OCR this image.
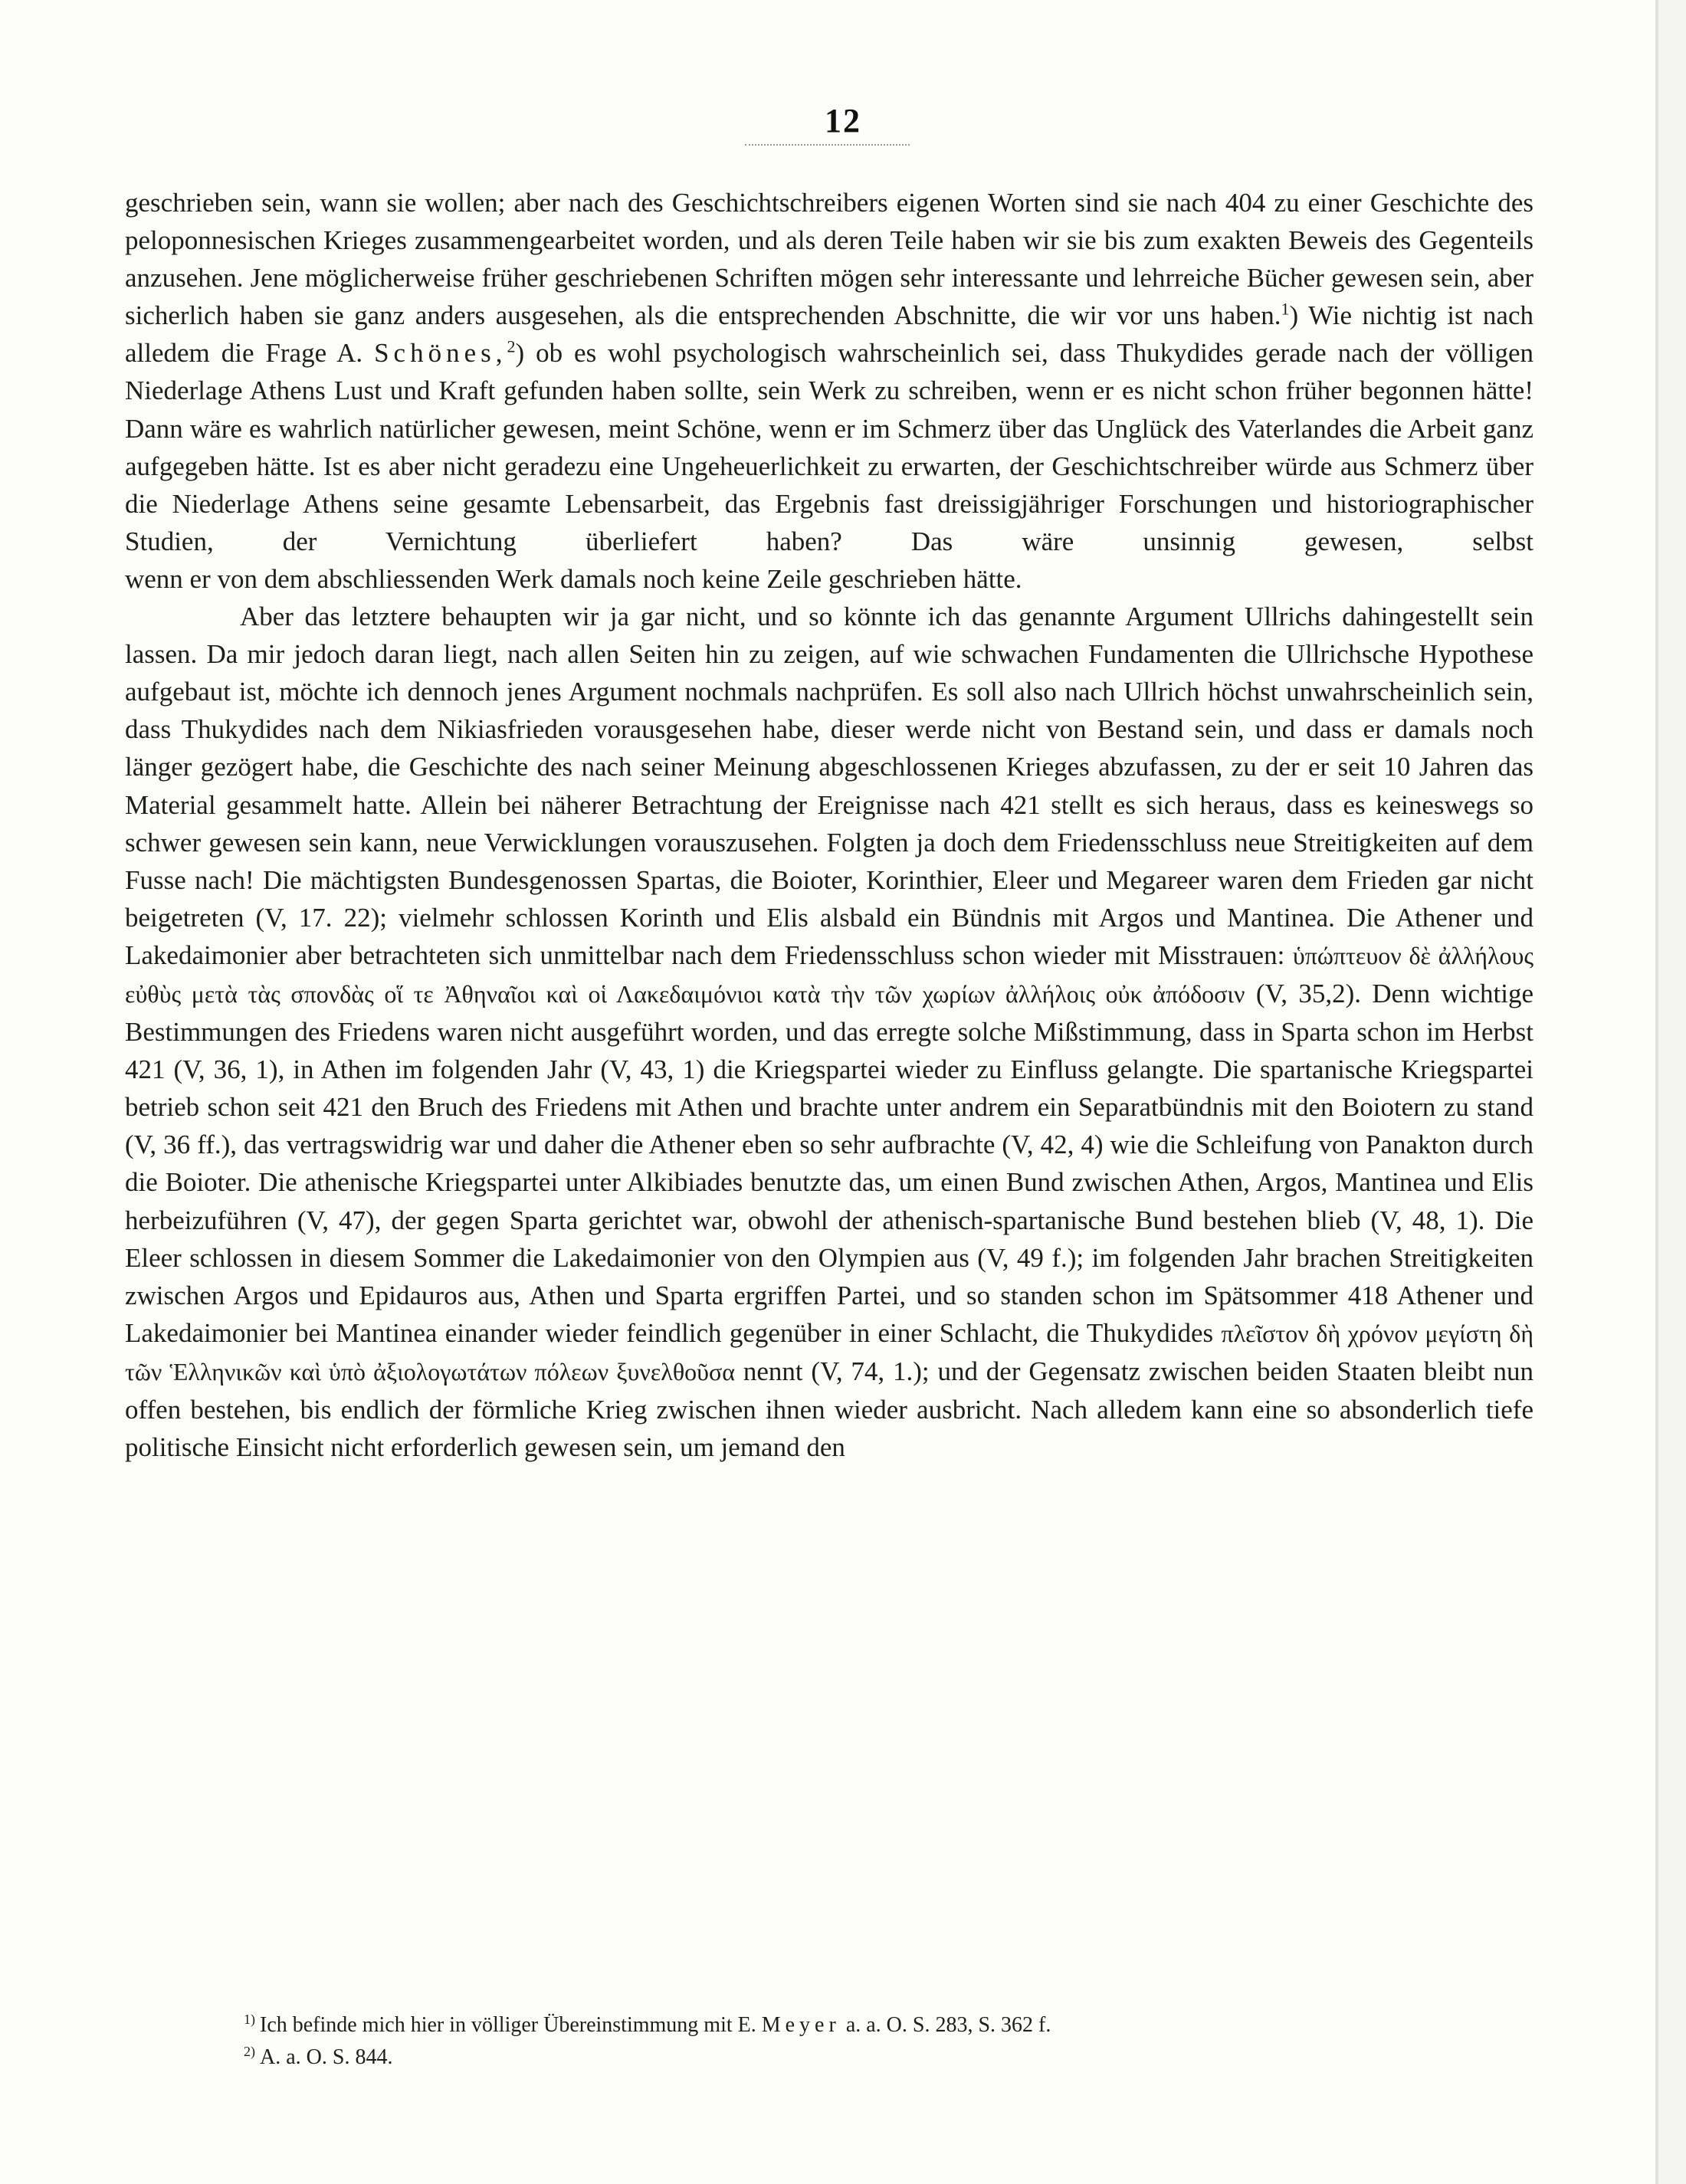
12

geschrieben sein, wann sie wollen; aber nach des Geschichtschreibers eigenen Worten sind sie nach 404 zu einer Geschichte des peloponnesischen Krieges zusammengearbeitet worden, und als deren Teile haben wir sie bis zum exakten Beweis des Gegenteils anzusehen. Jene möglicherweise früher geschriebenen Schriften mögen sehr interessante und lehrreiche Bücher gewesen sein, aber sicherlich haben sie ganz anders ausgesehen, als die entsprechenden Abschnitte, die wir vor uns haben.$^1$) Wie nichtig ist nach alledem die Frage A. Schönes,$^2$) ob es wohl psychologisch wahrscheinlich sei, dass Thukydides gerade nach der völligen Niederlage Athens Lust und Kraft gefunden haben sollte, sein Werk zu schreiben, wenn er es nicht schon früher begonnen hätte! Dann wäre es wahrlich natürlicher gewesen, meint Schöne, wenn er im Schmerz über das Unglück des Vaterlandes die Arbeit ganz aufgegeben hätte. Ist es aber nicht geradezu eine Ungeheuerlichkeit zu erwarten, der Geschichtschreiber würde aus Schmerz über die Niederlage Athens seine gesamte Lebensarbeit, das Ergebnis fast dreissigjähriger Forschungen und historiographischer Studien, der Vernichtung überliefert haben? Das wäre unsinnig gewesen, selbst
wenn er von dem abschliessenden Werk damals noch keine Zeile geschrieben hätte.

Aber das letztere behaupten wir ja gar nicht, und so könnte ich das genannte Argument Ullrichs dahingestellt sein lassen. Da mir jedoch daran liegt, nach allen Seiten hin zu zeigen, auf wie schwachen Fundamenten die Ullrichsche Hypothese aufgebaut ist, möchte ich dennoch jenes Argument nochmals nachprüfen. Es soll also nach Ullrich höchst unwahrscheinlich sein, dass Thukydides nach dem Nikiasfrieden vorausgesehen habe, dieser werde nicht von Bestand sein, und dass er damals noch länger gezögert habe, die Geschichte des nach seiner Meinung abgeschlossenen Krieges abzufassen, zu der er seit 10 Jahren das Material gesammelt hatte. Allein bei näherer Betrachtung der Ereignisse nach 421 stellt es sich heraus, dass es keineswegs so schwer gewesen sein kann, neue Verwicklungen vorauszusehen. Folgten ja doch dem Friedensschluss neue Streitigkeiten auf dem Fusse nach! Die mächtigsten Bundesgenossen Spartas, die Boioter, Korinthier, Eleer und Megareer waren dem Frieden gar nicht beigetreten (V, 17. 22); vielmehr schlossen Korinth und Elis alsbald ein Bündnis mit Argos und Mantinea. Die Athener und Lakedaimonier aber betrachteten sich unmittelbar nach dem Friedensschluss schon wieder mit Misstrauen: ὑπώπτευον δὲ ἀλλήλους εὐθὺς μετὰ τὰς σπονδὰς οἵ τε Ἀθηναῖοι καὶ οἱ Λακεδαιμόνιοι κατὰ τὴν τῶν χωρίων ἀλλήλοις οὐκ ἀπόδοσιν (V, 35,2). Denn wichtige Bestimmungen des Friedens waren nicht ausgeführt worden, und das erregte solche Mißstimmung, dass in Sparta schon im Herbst 421 (V, 36, 1), in Athen im folgenden Jahr (V, 43, 1) die Kriegspartei wieder zu Einfluss gelangte. Die spartanische Kriegspartei betrieb schon seit 421 den Bruch des Friedens mit Athen und brachte unter andrem ein Separatbündnis mit den Boiotern zu stand (V, 36 ff.), das vertragswidrig war und daher die Athener eben so sehr aufbrachte (V, 42, 4) wie die Schleifung von Panakton durch die Boioter. Die athenische Kriegspartei unter Alkibiades benutzte das, um einen Bund zwischen Athen, Argos, Mantinea und Elis herbeizuführen (V, 47), der gegen Sparta gerichtet war, obwohl der athenisch-spartanische Bund bestehen blieb (V, 48, 1). Die Eleer schlossen in diesem Sommer die Lakedaimonier von den Olympien aus (V, 49 f.); im folgenden Jahr brachen Streitigkeiten zwischen Argos und Epidauros aus, Athen und Sparta ergriffen Partei, und so standen schon im Spätsommer 418 Athener und Lakedaimonier bei Mantinea einander wieder feindlich gegenüber in einer Schlacht, die Thukydides πλεῖστον δὴ χρόνον μεγίστη δὴ τῶν Ἑλληνικῶν καὶ ὑπὸ ἀξιολογωτάτων πόλεων ξυνελθοῦσα nennt (V, 74, 1.); und der Gegensatz zwischen beiden Staaten bleibt nun offen bestehen, bis endlich der förmliche Krieg zwischen ihnen wieder ausbricht. Nach alledem kann eine so absonderlich tiefe politische Einsicht nicht erforderlich gewesen sein, um jemand den

$^{1)}$ Ich befinde mich hier in völliger Übereinstimmung mit E. Meyer a. a. O. S. 283, S. 362 f.
$^{2)}$ A. a. O. S. 844.
